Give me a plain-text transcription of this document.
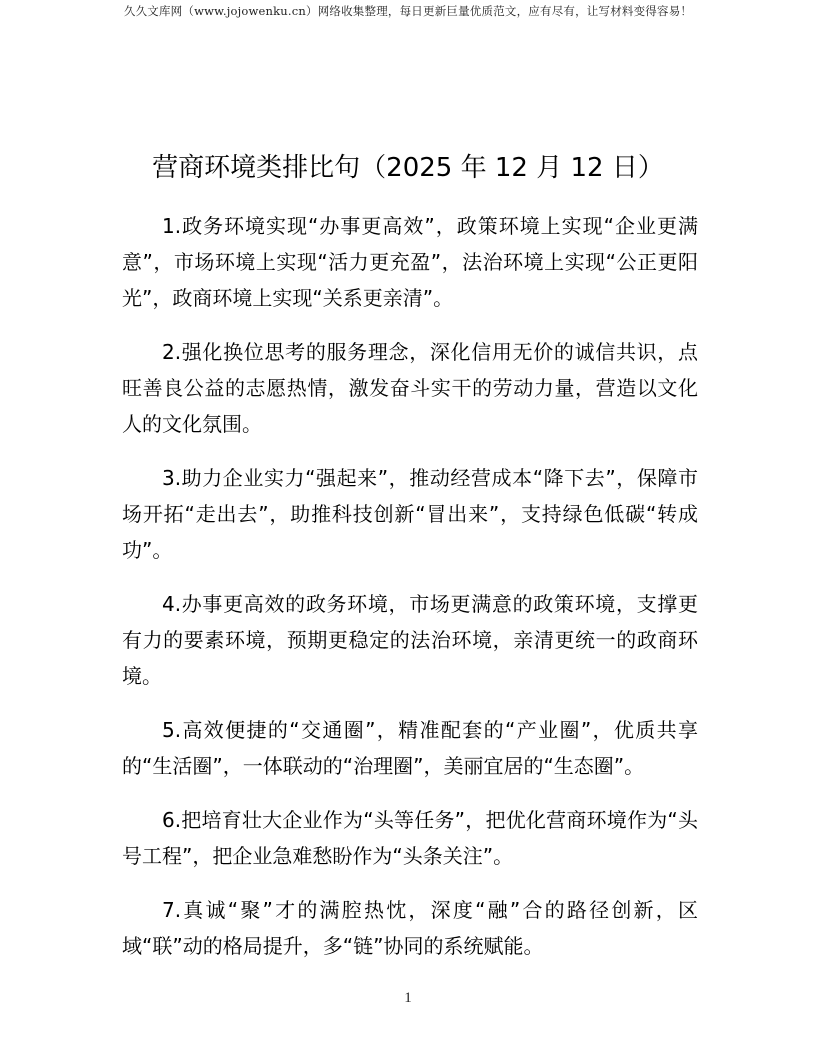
久久文库网（www.jojowenku.cn）网络收集整理，每日更新巨量优质范文，应有尽有，让写材料变得容易！
营商环境类排比句（2025 年 12 月 12 日）

1.政务环境实现“办事更高效”，政策环境上实现“企业更满意”，市场环境上实现“活力更充盈”，法治环境上实现“公正更阳光”，政商环境上实现“关系更亲清”。

2.强化换位思考的服务理念，深化信用无价的诚信共识，点旺善良公益的志愿热情，激发奋斗实干的劳动力量，营造以文化人的文化氛围。

3.助力企业实力“强起来”，推动经营成本“降下去”，保障市场开拓“走出去”，助推科技创新“冒出来”，支持绿色低碳“转成功”。

4.办事更高效的政务环境，市场更满意的政策环境，支撑更有力的要素环境，预期更稳定的法治环境，亲清更统一的政商环境。

5.高效便捷的“交通圈”，精准配套的“产业圈”，优质共享的“生活圈”，一体联动的“治理圈”，美丽宜居的“生态圈”。

6.把培育壮大企业作为“头等任务”，把优化营商环境作为“头号工程”，把企业急难愁盼作为“头条关注”。

7.真诚“聚”才的满腔热忱，深度“融”合的路径创新，区域“联”动的格局提升，多“链”协同的系统赋能。

1
